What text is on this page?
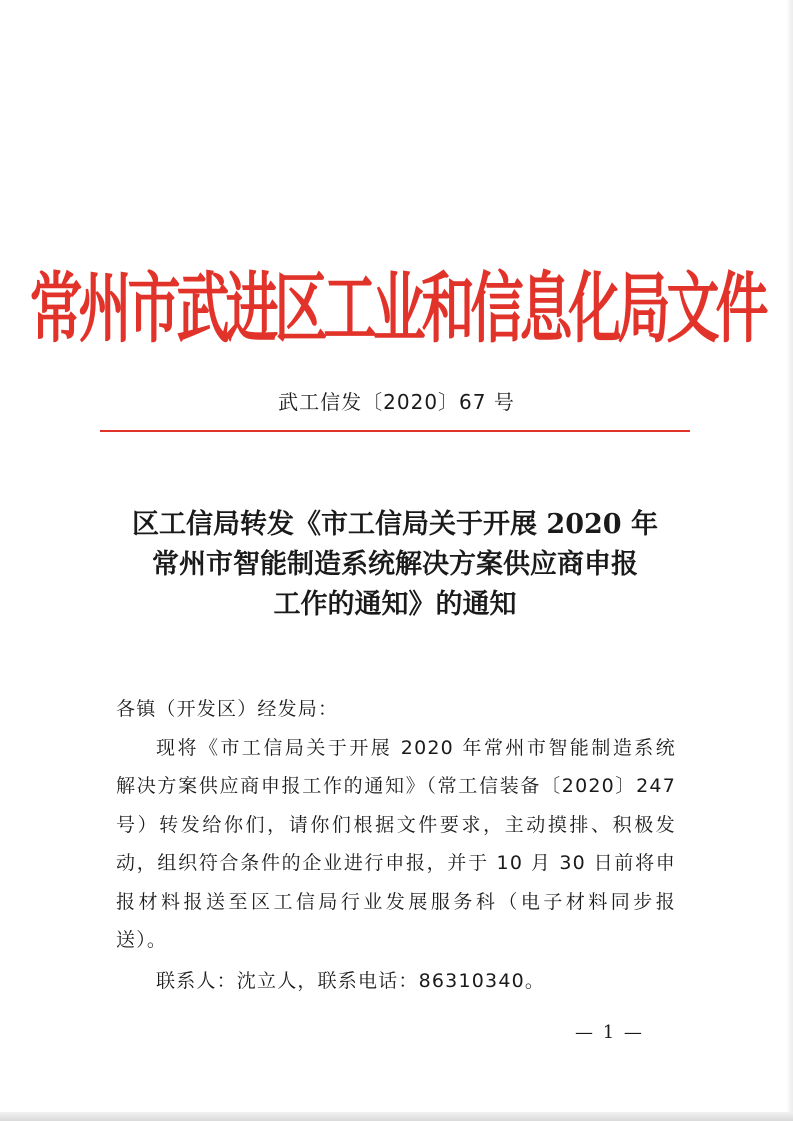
常州市武进区工业和信息化局文件
武工信发〔2020〕67 号
区工信局转发《市工信局关于开展 2020 年
常州市智能制造系统解决方案供应商申报
工作的通知》的通知
各镇（开发区）经发局：
现将《市工信局关于开展 2020 年常州市智能制造系统
解决方案供应商申报工作的通知》（常工信装备〔2020〕247
号）转发给你们，请你们根据文件要求，主动摸排、积极发
动，组织符合条件的企业进行申报，并于 10 月 30 日前将申
报材料报送至区工信局行业发展服务科（电子材料同步报
送）。
联系人：沈立人，联系电话：86310340。
— 1 —
